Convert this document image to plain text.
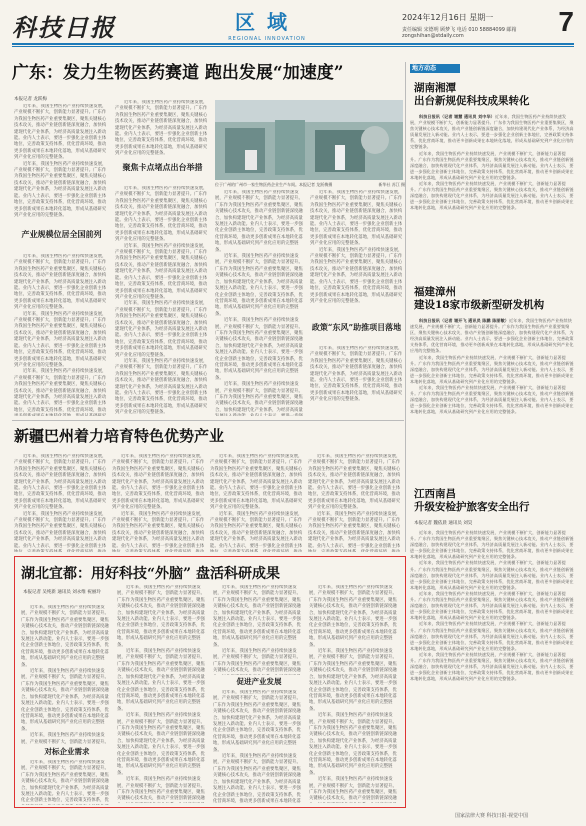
科技日报	区域
REGIONAL INNOVATION
2024年12月16日 星期一 7
责任编辑 宋德明 顾梦飞 电话 010 58884099 邮箱 zongshihan@stdaily.com
广东：发力生物医药赛道 跑出发展“加速度”
本报记者 龙跃梅

近年来，我国生物医药产业持续快速发展，产业规模不断扩大，创新能力显著提升。广东作为我国生物医药产业重要集聚区，聚焦关键核心技术攻关，推动产业链创新链深度融合，加快构建现代化产业体系，为经济高质量发展注入新动能。业内人士表示，要进一步强化企业创新主体地位，完善政策支持体系，优化营商环境，推动更多创新成果在本地转化落地，形成从基础研究到产业化应用的完整链条。

近年来，我国生物医药产业持续快速发展，产业规模不断扩大，创新能力显著提升。广东作为我国生物医药产业重要集聚区，聚焦关键核心技术攻关，推动产业链创新链深度融合，加快构建现代化产业体系，为经济高质量发展注入新动能。业内人士表示，要进一步强化企业创新主体地位，完善政策支持体系，优化营商环境，推动更多创新成果在本地转化落地，形成从基础研究到产业化应用的完整链条。

产业规模位居全国前列

近年来，我国生物医药产业持续快速发展，产业规模不断扩大，创新能力显著提升。广东作为我国生物医药产业重要集聚区，聚焦关键核心技术攻关，推动产业链创新链深度融合，加快构建现代化产业体系，为经济高质量发展注入新动能。业内人士表示，要进一步强化企业创新主体地位，完善政策支持体系，优化营商环境，推动更多创新成果在本地转化落地，形成从基础研究到产业化应用的完整链条。

近年来，我国生物医药产业持续快速发展，产业规模不断扩大，创新能力显著提升。广东作为我国生物医药产业重要集聚区，聚焦关键核心技术攻关，推动产业链创新链深度融合，加快构建现代化产业体系，为经济高质量发展注入新动能。业内人士表示，要进一步强化企业创新主体地位，完善政策支持体系，优化营商环境，推动更多创新成果在本地转化落地，形成从基础研究到产业化应用的完整链条。

近年来，我国生物医药产业持续快速发展，产业规模不断扩大，创新能力显著提升。广东作为我国生物医药产业重要集聚区，聚焦关键核心技术攻关，推动产业链创新链深度融合，加快构建现代化产业体系，为经济高质量发展注入新动能。业内人士表示，要进一步强化企业创新主体地位，完善政策支持体系，优化营商环境，推动

近年来，我国生物医药产业持续快速发展，产业规模不断扩大，创新能力显著提升。广东作为我国生物医药产业重要集聚区，聚焦关键核心技术攻关，推动产业链创新链深度融合，加快构建现代化产业体系，为经济高质量发展注入新动能。业内人士表示，要进一步强化企业创新主体地位，完善政策支持体系，优化营商环境，推动更多创新成果在本地转化落地，形成从基础研究到产业化应用的完整链条。

聚焦卡点堵点出台举措

近年来，我国生物医药产业持续快速发展，产业规模不断扩大，创新能力显著提升。广东作为我国生物医药产业重要集聚区，聚焦关键核心技术攻关，推动产业链创新链深度融合，加快构建现代化产业体系，为经济高质量发展注入新动能。业内人士表示，要进一步强化企业创新主体地位，完善政策支持体系，优化营商环境，推动更多创新成果在本地转化落地，形成从基础研究到产业化应用的完整链条。

近年来，我国生物医药产业持续快速发展，产业规模不断扩大，创新能力显著提升。广东作为我国生物医药产业重要集聚区，聚焦关键核心技术攻关，推动产业链创新链深度融合，加快构建现代化产业体系，为经济高质量发展注入新动能。业内人士表示，要进一步强化企业创新主体地位，完善政策支持体系，优化营商环境，推动更多创新成果在本地转化落地，形成从基础研究到产业化应用的完整链条。

近年来，我国生物医药产业持续快速发展，产业规模不断扩大，创新能力显著提升。广东作为我国生物医药产业重要集聚区，聚焦关键核心技术攻关，推动产业链创新链深度融合，加快构建现代化产业体系，为经济高质量发展注入新动能。业内人士表示，要进一步强化企业创新主体地位，完善政策支持体系，优化营商环境，推动更多创新成果在本地转化落地，形成从基础研究到产业化应用的完整链条。

近年来，我国生物医药产业持续快速发展，产业规模不断扩大，创新能力显著提升。广东作为我国生物医药产业重要集聚区，聚焦关键核心技术攻关，推动产业链创新链深度融合，加快构建现代化产业体系，为经济高质量发展注入新动能。业内人士表示，要进一步强化企业创新主体地位，完善政策支持体系，优化营商环境，推动更多创新成果在本地转化落地，形成从基础研究到产业化应用的完整链条。

位于广州的广州市一家生物医药企业生产车间。本报记者 龙跃梅摄	新华社 苏江 摄

近年来，我国生物医药产业持续快速发展，产业规模不断扩大，创新能力显著提升。广东作为我国生物医药产业重要集聚区，聚焦关键核心技术攻关，推动产业链创新链深度融合，加快构建现代化产业体系，为经济高质量发展注入新动能。业内人士表示，要进一步强化企业创新主体地位，完善政策支持体系，优化营商环境，推动更多创新成果在本地转化落地，形成从基础研究到产业化应用的完整链条。

近年来，我国生物医药产业持续快速发展，产业规模不断扩大，创新能力显著提升。广东作为我国生物医药产业重要集聚区，聚焦关键核心技术攻关，推动产业链创新链深度融合，加快构建现代化产业体系，为经济高质量发展注入新动能。业内人士表示，要进一步强化企业创新主体地位，完善政策支持体系，优化营商环境，推动更多创新成果在本地转化落地，形成从基础研究到产业化应用的完整链条。

近年来，我国生物医药产业持续快速发展，产业规模不断扩大，创新能力显著提升。广东作为我国生物医药产业重要集聚区，聚焦关键核心技术攻关，推动产业链创新链深度融合，加快构建现代化产业体系，为经济高质量发展注入新动能。业内人士表示，要进一步强化企业创新主体地位，完善政策支持体系，优化营商环境，推动更多创新成果在本地转化落地，形成从基础研究到产业化应用的完整链条。

近年来，我国生物医药产业持续快速发展，产业规模不断扩大，创新能力显著提升。广东作为我国生物医药产业重要集聚区，聚焦关键核心技术攻关，推动产业链创新链深度融合，加快构建现代化产业体系，为经济高质量

近年来，我国生物医药产业持续快速发展，产业规模不断扩大，创新能力显著提升。广东作为我国生物医药产业重要集聚区，聚焦关键核心技术攻关，推动产业链创新链深度融合，加快构建现代化产业体系，为经济高质量发展注入新动能。业内人士表示，要进一步强化企业创新主体地位，完善政策支持体系，优化营商环境，推动更多创新成果在本地转化落地，形成从基础研究到产业化应用的完整链条。

近年来，我国生物医药产业持续快速发展，产业规模不断扩大，创新能力显著提升。广东作为我国生物医药产业重要集聚区，聚焦关键核心技术攻关，推动产业链创新链深度融合，加快构建现代化产业体系，为经济高质量发展注入新动能。业内人士表示，要进一步强化企业创新主体地位，完善政策支持体系，优化营商环境，推动更多创新成果在本地转化落地，形成从基础研究到产业化应用的完整链条。

政策“东风”助推项目落地

近年来，我国生物医药产业持续快速发展，产业规模不断扩大，创新能力显著提升。广东作为我国生物医药产业重要集聚区，聚焦关键核心技术攻关，推动产业链创新链深度融合，加快构建现代化产业体系，为经济高质量发展注入新动能。业内人士表示，要进一步强化企业创新主体地位，完善政策支持体系，优化营商环境，推动更多创新成果在本地转化落地，形成从基础研究到产业化应用的完整链条。

新疆巴州着力培育特色优势产业

近年来，我国生物医药产业持续快速发展，产业规模不断扩大，创新能力显著提升。广东作为我国生物医药产业重要集聚区，聚焦关键核心技术攻关，推动产业链创新链深度融合，加快构建现代化产业体系，为经济高质量发展注入新动能。业内人士表示，要进一步强化企业创新主体地位，完善政策支持体系，优化营商环境，推动更多创新成果在本地转化落地，形成从基础研究到产业化应用的完整链条。

近年来，我国生物医药产业持续快速发展，产业规模不断扩大，创新能力显著提升。广东作为我国生物医药产业重要集聚区，聚焦关键核心技术攻关，推动产业链创新链深度融合，加快构建现代化产业体系，为经济高质量发展注入新动能。业内人士表示，要进一步强化企业创新主体

近年来，我国生物医药产业持续快速发展，产业规模不断扩大，创新能力显著提升。广东作为我国生物医药产业重要集聚区，聚焦关键核心技术攻关，推动产业链创新链深度融合，加快构建现代化产业体系，为经济高质量发展注入新动能。业内人士表示，要进一步强化企业创新主体地位，完善政策支持体系，优化营商环境，推动更多创新成果在本地转化落地，形成从基础研究到产业化应用的完整链条。

近年来，我国生物医药产业持续快速发展，产业规模不断扩大，创新能力显著提升。广东作为我国生物医药产业重要集聚区，聚焦关键核心技术攻关，推动产业链创新链深度融合，加快构建现代化产业体系，为经济高质量发展注入新动能。业内人士表示，要进一步强化企业创新主体

近年来，我国生物医药产业持续快速发展，产业规模不断扩大，创新能力显著提升。广东作为我国生物医药产业重要集聚区，聚焦关键核心技术攻关，推动产业链创新链深度融合，加快构建现代化产业体系，为经济高质量发展注入新动能。业内人士表示，要进一步强化企业创新主体地位，完善政策支持体系，优化营商环境，推动更多创新成果在本地转化落地，形成从基础研究到产业化应用的完整链条。

近年来，我国生物医药产业持续快速发展，产业规模不断扩大，创新能力显著提升。广东作为我国生物医药产业重要集聚区，聚焦关键核心技术攻关，推动产业链创新链深度融合，加快构建现代化产业体系，为经济高质量发展注入新动能。业内人士表示，要进一步强化企业创新主体

近年来，我国生物医药产业持续快速发展，产业规模不断扩大，创新能力显著提升。广东作为我国生物医药产业重要集聚区，聚焦关键核心技术攻关，推动产业链创新链深度融合，加快构建现代化产业体系，为经济高质量发展注入新动能。业内人士表示，要进一步强化企业创新主体地位，完善政策支持体系，优化营商环境，推动更多创新成果在本地转化落地，形成从基础研究到产业化应用的完整链条。

近年来，我国生物医药产业持续快速发展，产业规模不断扩大，创新能力显著提升。广东作为我国生物医药产业重要集聚区，聚焦关键核心技术攻关，推动产业链创新链深度融合，加快构建现代化产业体系，为经济高质量发展注入新动能。业内人士表示，要进一步强化企业创新主体

湖北宜都：用好科技“外脑” 盘活科研成果
本报记者 吴纯新 通讯员 刘永维 祝丽玲

近年来，我国生物医药产业持续快速发展，产业规模不断扩大，创新能力显著提升。广东作为我国生物医药产业重要集聚区，聚焦关键核心技术攻关，推动产业链创新链深度融合，加快构建现代化产业体系，为经济高质量发展注入新动能。业内人士表示，要进一步强化企业创新主体地位，完善政策支持体系，优化营商环境，推动更多创新成果在本地转化落地，形成从基础研究到产业化应用的完整链条。

近年来，我国生物医药产业持续快速发展，产业规模不断扩大，创新能力显著提升。广东作为我国生物医药产业重要集聚区，聚焦关键核心技术攻关，推动产业链创新链深度融合，加快构建现代化产业体系，为经济高质量发展注入新动能。业内人士表示，要进一步强化企业创新主体地位，完善政策支持体系，优化营商环境，推动更多创新成果在本地转化落地，形成从基础研究到产业化应用的完整链条。

近年来，我国生物医药产业持续快速发展，产业规模不断扩大，创新能力显著提升。

对标企业需求

近年来，我国生物医药产业持续快速发展，产业规模不断扩大，创新能力显著提升。广东作为我国生物医药产业重要集聚区，聚焦关键核心技术攻关，推动产业链创新链深度融合，加快构建现代化产业体系，为经济高质量发展注入新动能。业内人士表示，要进一步强化企业创新主体地位，完善政策支持体系，优

近年来，我国生物医药产业持续快速发展，产业规模不断扩大，创新能力显著提升。广东作为我国生物医药产业重要集聚区，聚焦关键核心技术攻关，推动产业链创新链深度融合，加快构建现代化产业体系，为经济高质量发展注入新动能。业内人士表示，要进一步强化企业创新主体地位，完善政策支持体系，优化营商环境，推动更多创新成果在本地转化落地，形成从基础研究到产业化应用的完整链条。

近年来，我国生物医药产业持续快速发展，产业规模不断扩大，创新能力显著提升。广东作为我国生物医药产业重要集聚区，聚焦关键核心技术攻关，推动产业链创新链深度融合，加快构建现代化产业体系，为经济高质量发展注入新动能。业内人士表示，要进一步强化企业创新主体地位，完善政策支持体系，优化营商环境，推动更多创新成果在本地转化落地，形成从基础研究到产业化应用的完整链条。

近年来，我国生物医药产业持续快速发展，产业规模不断扩大，创新能力显著提升。广东作为我国生物医药产业重要集聚区，聚焦关键核心技术攻关，推动产业链创新链深度融合，加快构建现代化产业体系，为经济高质量发展注入新动能。业内人士表示，要进一步强化企业创新主体地位，完善政策支持体系，优化营商环境，推动更多创新成果在本地转化落地，形成从基础研究到产业化应用的完整链条。

近年来，我国生物医药产业持续快速发展，产业规模不断扩大，创新能力显著提升。广东作为我国生物医药产业重要集聚区，聚焦关键核心技术攻关，推动产业链创新链深度融

近年来，我国生物医药产业持续快速发展，产业规模不断扩大，创新能力显著提升。广东作为我国生物医药产业重要集聚区，聚焦关键核心技术攻关，推动产业链创新链深度融合，加快构建现代化产业体系，为经济高质量发展注入新动能。业内人士表示，要进一步强化企业创新主体地位，完善政策支持体系，优化营商环境，推动更多创新成果在本地转化落地，形成从基础研究到产业化应用的完整链条。

近年来，我国生物医药产业持续快速发展，产业规模不断扩大，创新能力显著提升。广东作为我国生物医药产业重要集聚区，聚焦关键核心技术攻关，推动产业链创新链深度融

促进产业发展

近年来，我国生物医药产业持续快速发展，产业规模不断扩大，创新能力显著提升。广东作为我国生物医药产业重要集聚区，聚焦关键核心技术攻关，推动产业链创新链深度融合，加快构建现代化产业体系，为经济高质量发展注入新动能。业内人士表示，要进一步强化企业创新主体地位，完善政策支持体系，优化营商环境，推动更多创新成果在本地转化落地，形成从基础研究到产业化应用的完整链条。

近年来，我国生物医药产业持续快速发展，产业规模不断扩大，创新能力显著提升。广东作为我国生物医药产业重要集聚区，聚焦关键核心技术攻关，推动产业链创新链深度融合，加快构建现代化产业体系，为经济高质量发展注入新动能。业内人士表示，要进一步强化企业创新主体地位，完善政策支持体系，优化营商环境，推动更多创新成果在本地转化落

近年来，我国生物医药产业持续快速发展，产业规模不断扩大，创新能力显著提升。广东作为我国生物医药产业重要集聚区，聚焦关键核心技术攻关，推动产业链创新链深度融合，加快构建现代化产业体系，为经济高质量发展注入新动能。业内人士表示，要进一步强化企业创新主体地位，完善政策支持体系，优化营商环境，推动更多创新成果在本地转化落地，形成从基础研究到产业化应用的完整链条。

近年来，我国生物医药产业持续快速发展，产业规模不断扩大，创新能力显著提升。广东作为我国生物医药产业重要集聚区，聚焦关键核心技术攻关，推动产业链创新链深度融合，加快构建现代化产业体系，为经济高质量发展注入新动能。业内人士表示，要进一步强化企业创新主体地位，完善政策支持体系，优化营商环境，推动更多创新成果在本地转化落地，形成从基础研究到产业化应用的完整链条。

近年来，我国生物医药产业持续快速发展，产业规模不断扩大，创新能力显著提升。广东作为我国生物医药产业重要集聚区，聚焦关键核心技术攻关，推动产业链创新链深度融合，加快构建现代化产业体系，为经济高质量发展注入新动能。业内人士表示，要进一步强化企业创新主体地位，完善政策支持体系，优化营商环境，推动更多创新成果在本地转化落地，形成从基础研究到产业化应用的完整链条。

近年来，我国生物医药产业持续快速发展，产业规模不断扩大，创新能力显著提升。广东作为我国生物医药产业重要集聚区，聚焦关键核心技术攻关，推动产业链创新链深度融

地方动态
湖南湘潭
出台新规促科技成果转化

科技日报讯（记者 谢慧 通讯员 刘中华）近年来，我国生物医药产业持续快速发展，产业规模不断扩大，创新能力显著提升。广东作为我国生物医药产业重要集聚区，聚焦关键核心技术攻关，推动产业链创新链深度融合，加快构建现代化产业体系，为经济高质量发展注入新动能。业内人士表示，要进一步强化企业创新主体地位，完善政策支持体系，优化营商环境，推动更多创新成果在本地转化落地，形成从基础研究到产业化应用的完整链条。

近年来，我国生物医药产业持续快速发展，产业规模不断扩大，创新能力显著提升。广东作为我国生物医药产业重要集聚区，聚焦关键核心技术攻关，推动产业链创新链深度融合，加快构建现代化产业体系，为经济高质量发展注入新动能。业内人士表示，要进一步强化企业创新主体地位，完善政策支持体系，优化营商环境，推动更多创新成果在本地转化落地，形成从基础研究到产业化应用的完整链条。

近年来，我国生物医药产业持续快速发展，产业规模不断扩大，创新能力显著提升。广东作为我国生物医药产业重要集聚区，聚焦关键核心技术攻关，推动产业链创新链深度融合，加快构建现代化产业体系，为经济高质量发展注入新动能。业内人士表示，要进一步强化企业创新主体地位，完善政策支持体系，优化营商环境，推动更多创新成果在本地转化落地，形成从基础研究到产业化应用的完整链条。

福建漳州
建设18家市级新型研发机构

科技日报讯（记者 谢开飞 通讯员 陈鹏 陈丽敏）近年来，我国生物医药产业持续快速发展，产业规模不断扩大，创新能力显著提升。广东作为我国生物医药产业重要集聚区，聚焦关键核心技术攻关，推动产业链创新链深度融合，加快构建现代化产业体系，为经济高质量发展注入新动能。业内人士表示，要进一步强化企业创新主体地位，完善政策支持体系，优化营商环境，推动更多创新成果在本地转化落地，形成从基础研究到产业化应用的完整链条。

近年来，我国生物医药产业持续快速发展，产业规模不断扩大，创新能力显著提升。广东作为我国生物医药产业重要集聚区，聚焦关键核心技术攻关，推动产业链创新链深度融合，加快构建现代化产业体系，为经济高质量发展注入新动能。业内人士表示，要进一步强化企业创新主体地位，完善政策支持体系，优化营商环境，推动更多创新成果在本地转化落地，形成从基础研究到产业化应用的完整链条。

近年来，我国生物医药产业持续快速发展，产业规模不断扩大，创新能力显著提升。广东作为我国生物医药产业重要集聚区，聚焦关键核心技术攻关，推动产业链创新链深度融合，加快构建现代化产业体系，为经济高质量发展注入新动能。业内人士表示，要进一步强化企业创新主体地位，完善政策支持体系，优化营商环境，推动更多创新成果在本地转化落地，形成从基础研究到产业化应用的完整链条。

江西南昌
升级安检护旅客安全出行
本报记者 魏依晨 通讯员 刘昊

近年来，我国生物医药产业持续快速发展，产业规模不断扩大，创新能力显著提升。广东作为我国生物医药产业重要集聚区，聚焦关键核心技术攻关，推动产业链创新链深度融合，加快构建现代化产业体系，为经济高质量发展注入新动能。业内人士表示，要进一步强化企业创新主体地位，完善政策支持体系，优化营商环境，推动更多创新成果在本地转化落地，形成从基础研究到产业化应用的完整链条。

近年来，我国生物医药产业持续快速发展，产业规模不断扩大，创新能力显著提升。广东作为我国生物医药产业重要集聚区，聚焦关键核心技术攻关，推动产业链创新链深度融合，加快构建现代化产业体系，为经济高质量发展注入新动能。业内人士表示，要进一步强化企业创新主体地位，完善政策支持体系，优化营商环境，推动更多创新成果在本地转化落地，形成从基础研究到产业化应用的完整链条。

近年来，我国生物医药产业持续快速发展，产业规模不断扩大，创新能力显著提升。广东作为我国生物医药产业重要集聚区，聚焦关键核心技术攻关，推动产业链创新链深度融合，加快构建现代化产业体系，为经济高质量发展注入新动能。业内人士表示，要进一步强化企业创新主体地位，完善政策支持体系，优化营商环境，推动更多创新成果在本地转化落地，形成从基础研究到产业化应用的完整链条。

近年来，我国生物医药产业持续快速发展，产业规模不断扩大，创新能力显著提升。广东作为我国生物医药产业重要集聚区，聚焦关键核心技术攻关，推动产业链创新链深度融合，加快构建现代化产业体系，为经济高质量发展注入新动能。业内人士表示，要进一步强化企业创新主体地位，完善政策支持体系，优化营商环境，推动更多创新成果在本地转化落地，形成从基础研究到产业化应用的完整链条。

近年来，我国生物医药产业持续快速发展，产业规模不断扩大，创新能力显著提升。广东作为我国生物医药产业重要集聚区，聚焦关键核心技术攻关，推动产业链创新链深度融合，加快构建现代化产业体系，为经济高质量发展注入新动能。业内人士表示，要进一步强化企业创新主体地位，完善政策支持体系，优化营商环境，推动更多创新成果在本地转化落地，形成从基础研究到产业化应用的完整链条。

国家法律大赛 科技日报·视觉中国
